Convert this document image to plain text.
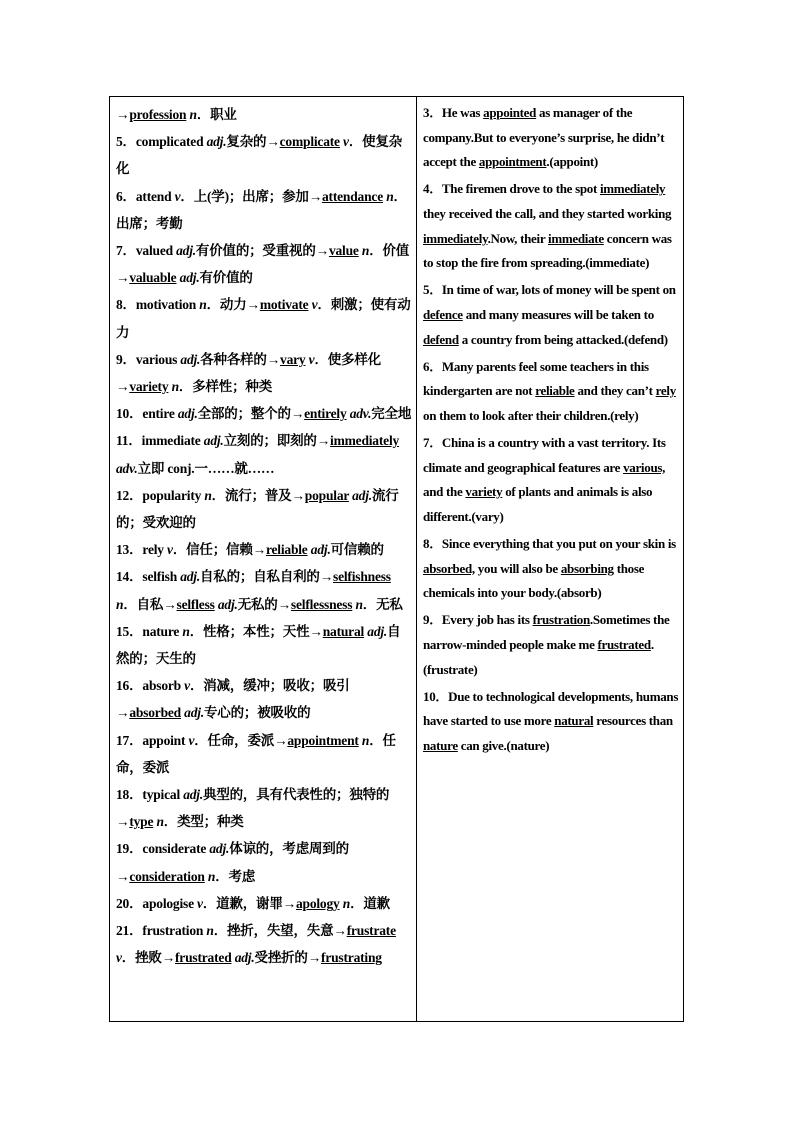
→profession n．职业

5．complicated adj.复杂的→complicate v．使复杂化

6．attend v．上(学)；出席；参加→attendance n．出席；考勤

7．valued adj.有价值的；受重视的→value n．价值→valuable adj.有价值的

8．motivation n．动力→motivate v．刺激；使有动力

9．various adj.各种各样的→vary v．使多样化→variety n．多样性；种类

10．entire adj.全部的；整个的→entirely adv.完全地

11．immediate adj.立刻的；即刻的→immediately adv.立即 conj.一……就……

12．popularity n．流行；普及→popular adj.流行的；受欢迎的

13．rely v．信任；信赖→reliable adj.可信赖的

14．selfish adj.自私的；自私自利的→selfishness n．自私→selfless adj.无私的→selflessness n．无私

15．nature n．性格；本性；天性→natural adj.自然的；天生的

16．absorb v．消减，缓冲；吸收；吸引→absorbed adj.专心的；被吸收的

17．appoint v．任命，委派→appointment n．任命，委派

18．typical adj.典型的，具有代表性的；独特的→type n．类型；种类

19．considerate adj.体谅的，考虑周到的→consideration n．考虑

20．apologise v．道歉，谢罪→apology n．道歉

21．frustration n．挫折，失望，失意→frustrate v．挫败→frustrated adj.受挫折的→frustrating

3．He was appointed as manager of the company.But to everyone’s surprise, he didn’t accept the appointment.(appoint)

4．The firemen drove to the spot immediately they received the call, and they started working immediately.Now, their immediate concern was to stop the fire from spreading.(immediate)

5．In time of war, lots of money will be spent on defence and many measures will be taken to defend a country from being attacked.(defend)

6．Many parents feel some teachers in this kindergarten are not reliable and they can’t rely on them to look after their children.(rely)

7．China is a country with a vast territory. Its climate and geographical features are various, and the variety of plants and animals is also different.(vary)

8．Since everything that you put on your skin is absorbed, you will also be absorbing those chemicals into your body.(absorb)

9．Every job has its frustration.Sometimes the narrow-minded people make me frustrated.(frustrate)

10．Due to technological developments, humans have started to use more natural resources than nature can give.(nature)
